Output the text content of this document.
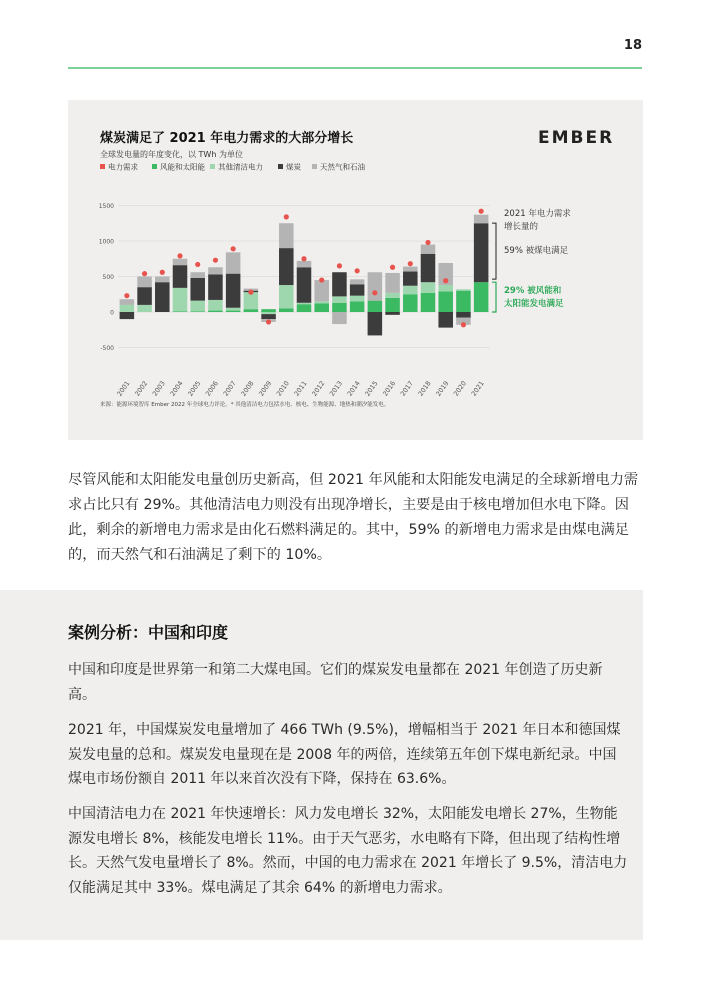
18
煤炭满足了 2021 年电力需求的大部分增长
全球发电量的年度变化，以 TWh 为单位
EMBER
电力需求	风能和太阳能 其他清洁电力	煤炭	天然气和石油
1500
1000
500
0
-500
2001 2002 2003 2004 2005 2006 2007 2008 2009 2010 2011 2012 2013 2014 2015 2016 2017 2018 2019 2020 2021
2021 年电力需求
增长量的
59% 被煤电满足
29% 被风能和
太阳能发电满足
来源：能源环境智库 Ember 2022 年全球电力评论。* 其他清洁电力包括水电、核电、生物能源、地热和潮汐能发电。

尽管风能和太阳能发电量创历史新高，但 2021 年风能和太阳能发电满足的全球新增电力需求占比只有 29%。其他清洁电力则没有出现净增长，主要是由于核电增加但水电下降。因此，剩余的新增电力需求是由化石燃料满足的。其中，59% 的新增电力需求是由煤电满足的，而天然气和石油满足了剩下的 10%。

案例分析：中国和印度

中国和印度是世界第一和第二大煤电国。它们的煤炭发电量都在 2021 年创造了历史新高。

2021 年，中国煤炭发电量增加了 466 TWh (9.5%)，增幅相当于 2021 年日本和德国煤炭发电量的总和。煤炭发电量现在是 2008 年的两倍，连续第五年创下煤电新纪录。中国煤电市场份额自 2011 年以来首次没有下降，保持在 63.6%。

中国清洁电力在 2021 年快速增长：风力发电增长 32%，太阳能发电增长 27%，生物能源发电增长 8%，核能发电增长 11%。由于天气恶劣，水电略有下降，但出现了结构性增长。天然气发电量增长了 8%。然而，中国的电力需求在 2021 年增长了 9.5%，清洁电力仅能满足其中 33%。煤电满足了其余 64% 的新增电力需求。
